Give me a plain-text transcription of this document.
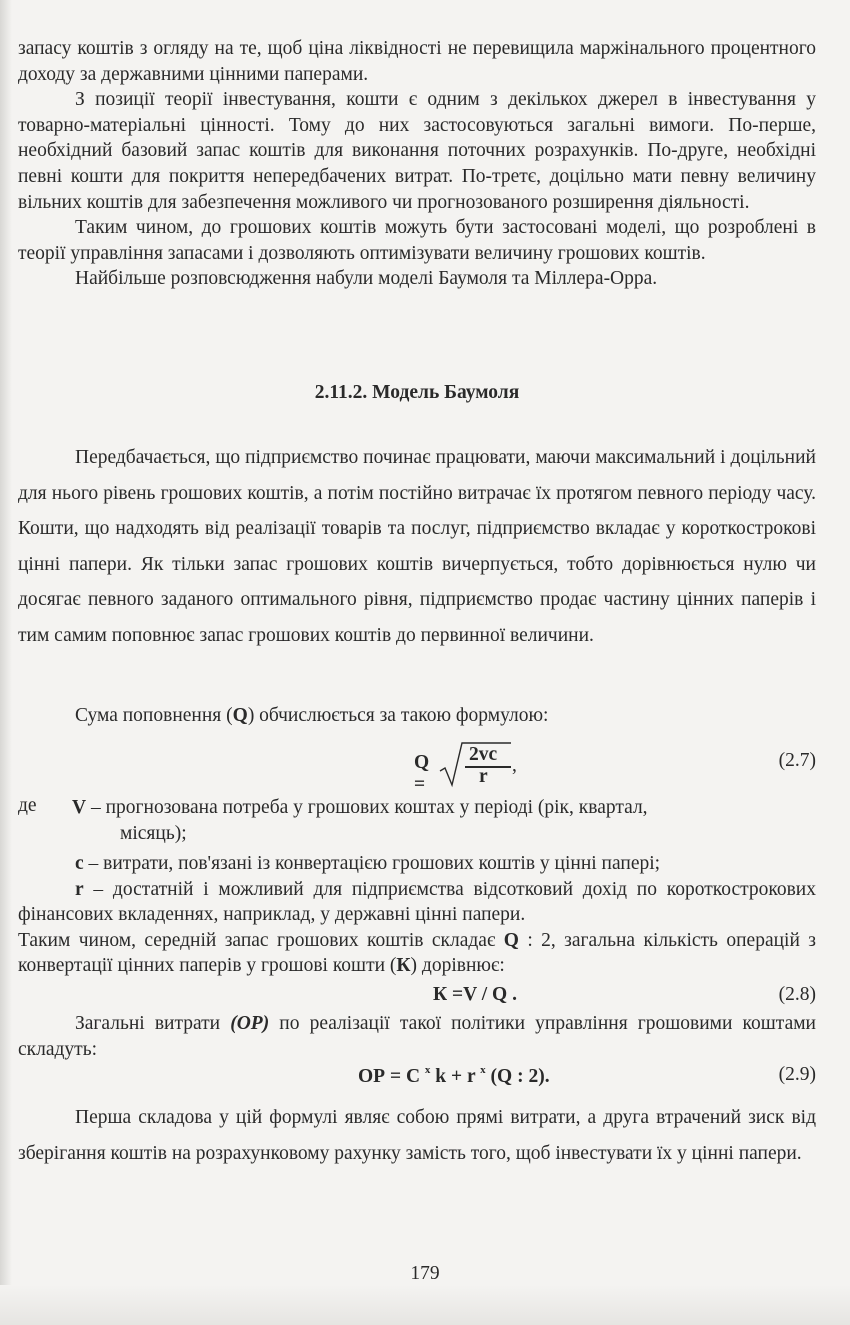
запасу коштів з огляду на те, щоб ціна ліквідності не перевищила маржінального процентного доходу за державними цінними паперами.

З позиції теорії інвестування, кошти є одним з декількох джерел в інвестування у товарно-матеріальні цінності. Тому до них застосовуються загальні вимоги. По-перше, необхідний базовий запас коштів для виконання поточних розрахунків. По-друге, необхідні певні кошти для покриття непередбачених витрат. По-третє, доцільно мати певну величину вільних коштів для забезпечення можливого чи прогнозованого розширення діяльності.

Таким чином, до грошових коштів можуть бути застосовані моделі, що розроблені в теорії управління запасами і дозволяють оптимізувати величину грошових коштів.

Найбільше розповсюдження набули моделі Баумоля та Міллера-Орра.

2.11.2. Модель Баумоля

Передбачається, що підприємство починає працювати, маючи максимальний і доцільний для нього рівень грошових коштів, а потім постійно витрачає їх протягом певного періоду часу. Кошти, що надходять від реалізації товарів та послуг, підприємство вкладає у короткострокові цінні папери. Як тільки запас грошових коштів вичерпується, тобто дорівнюється нулю чи досягає певного заданого оптимального рівня, підприємство продає частину цінних паперів і тим самим поповнює запас грошових коштів до первинної величини.

Сума поповнення (Q) обчислюється за такою формулою:
Q =
2vc
r
,	(2.7)
де V – прогнозована потреба у грошових коштах у періоді (рік, квартал,
місяць);

с – витрати, пов'язані із конвертацією грошових коштів у цінні папері;

r – достатній і можливий для підприємства відсотковий дохід по короткострокових фінансових вкладеннях, наприклад, у державні цінні папери.

Таким чином, середній запас грошових коштів складає Q : 2, загальна кількість операцій з конвертації цінних паперів у грошові кошти (К) дорівнює:

К =V / Q .	(2.8)

Загальні витрати (ОР) по реалізації такої політики управління грошовими коштами складуть:

ОР = С $^x$ k + r $^x$ (Q : 2).	(2.9)

Перша складова у цій формулі являє собою прямі витрати, а друга втрачений зиск від зберігання коштів на розрахунковому рахунку замість того, щоб інвестувати їх у цінні папери.

179
